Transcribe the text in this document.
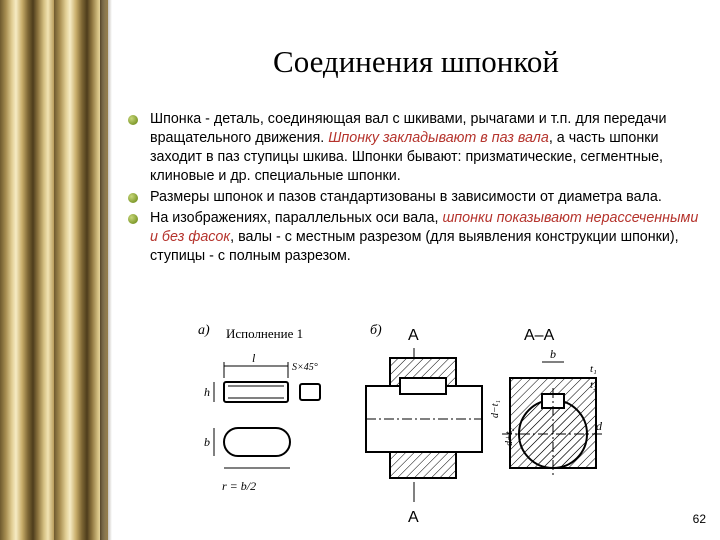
Соединения шпонкой
Шпонка - деталь, соединяющая вал с шкивами, рычагами и т.п. для передачи вращательного движения. Шпонку закладывают в паз вала, а часть шпонки заходит в паз ступицы шкива. Шпонки бывают: призматические, сегментные, клиновые и др. специальные шпонки.
Размеры шпонок и пазов стандартизованы в зависимости от диаметра вала.
На изображениях, параллельных оси вала, шпонки показывают нерассеченными и без фасок, валы - с местным разрезом (для выявления конструкции шпонки), ступицы - с полным разрезом.
а) Исполнение 1
S×45°
l
h
b
r = b/2
б) A
A
A–A
b
t₁
t₂
d−t₁
d+t₂
d
62
